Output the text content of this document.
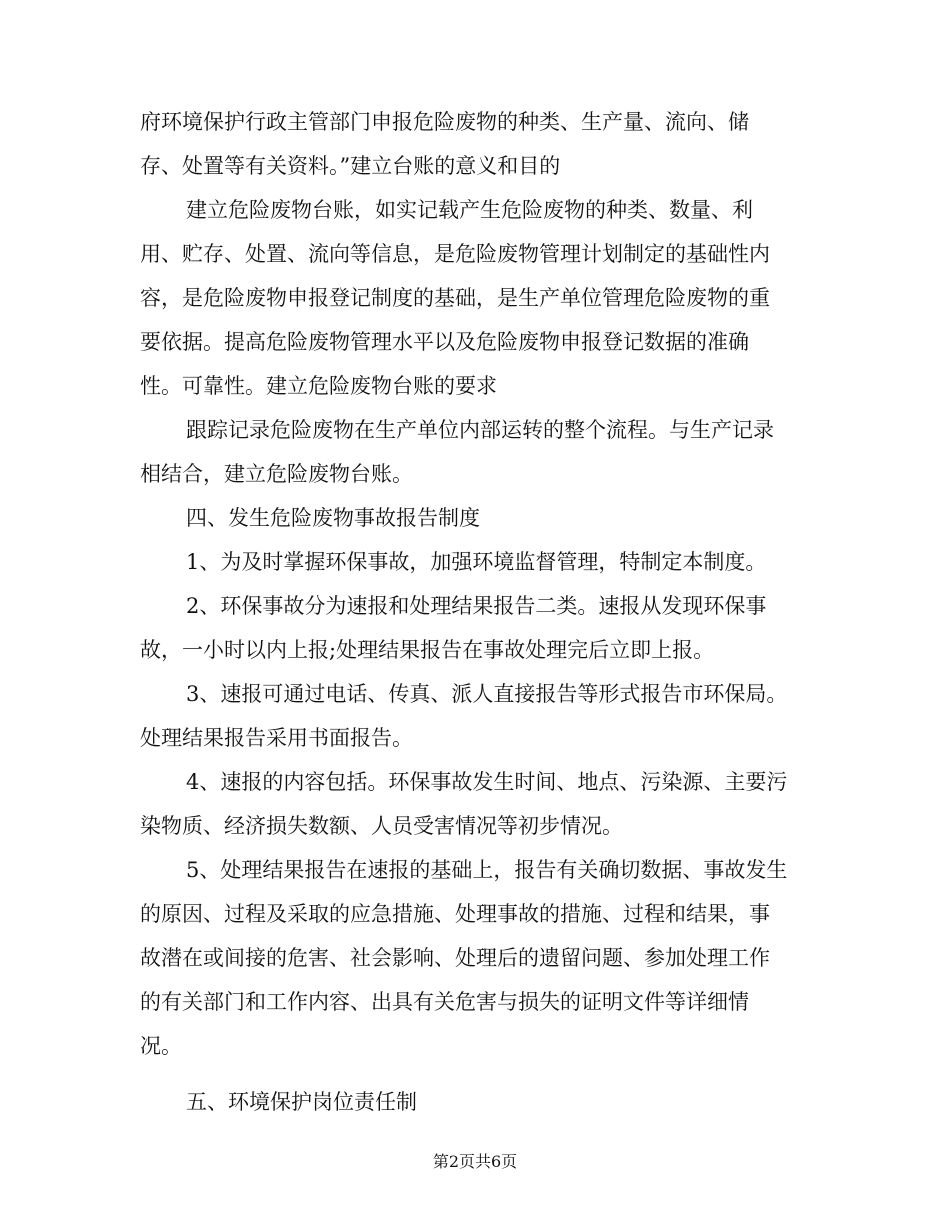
府环境保护行政主管部门申报危险废物的种类、生产量、流向、储
存、处置等有关资料。”建立台账的意义和目的
建立危险废物台账，如实记载产生危险废物的种类、数量、利
用、贮存、处置、流向等信息，是危险废物管理计划制定的基础性内
容，是危险废物申报登记制度的基础，是生产单位管理危险废物的重
要依据。提高危险废物管理水平以及危险废物申报登记数据的准确
性。可靠性。建立危险废物台账的要求
跟踪记录危险废物在生产单位内部运转的整个流程。与生产记录
相结合，建立危险废物台账。
四、发生危险废物事故报告制度
1、为及时掌握环保事故，加强环境监督管理，特制定本制度。
2、环保事故分为速报和处理结果报告二类。速报从发现环保事
故，一小时以内上报;处理结果报告在事故处理完后立即上报。
3、速报可通过电话、传真、派人直接报告等形式报告市环保局。
处理结果报告采用书面报告。
4、速报的内容包括。环保事故发生时间、地点、污染源、主要污
染物质、经济损失数额、人员受害情况等初步情况。
5、处理结果报告在速报的基础上，报告有关确切数据、事故发生
的原因、过程及采取的应急措施、处理事故的措施、过程和结果，事
故潜在或间接的危害、社会影响、处理后的遗留问题、参加处理工作
的有关部门和工作内容、出具有关危害与损失的证明文件等详细情
况。
五、环境保护岗位责任制
第2页共6页
